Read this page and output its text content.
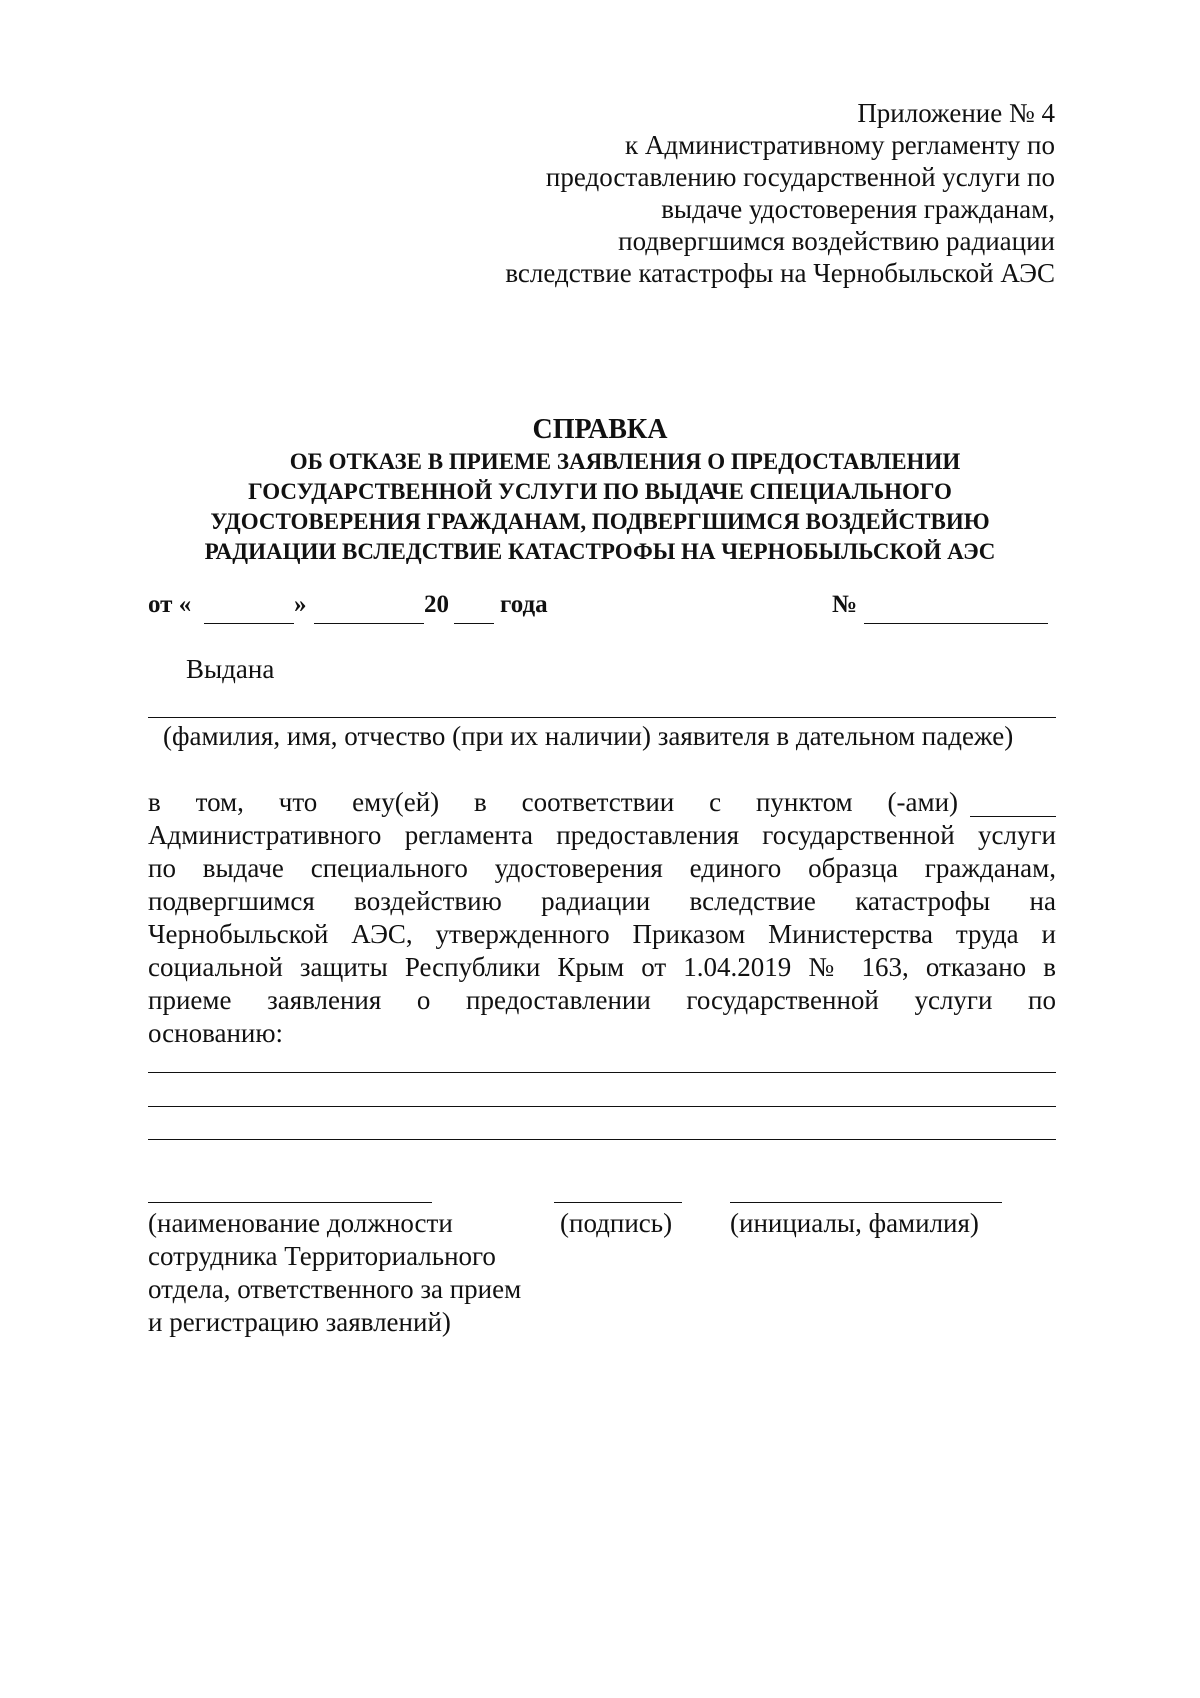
Приложение № 4
к Административному регламенту по
предоставлению государственной услуги по
выдаче удостоверения гражданам,
подвергшимся воздействию радиации
вследствие катастрофы на Чернобыльской АЭС
СПРАВКА
ОБ ОТКАЗЕ В ПРИЕМЕ ЗАЯВЛЕНИЯ О ПРЕДОСТАВЛЕНИИ
ГОСУДАРСТВЕННОЙ УСЛУГИ ПО ВЫДАЧЕ СПЕЦИАЛЬНОГО
УДОСТОВЕРЕНИЯ ГРАЖДАНАМ, ПОДВЕРГШИМСЯ ВОЗДЕЙСТВИЮ
РАДИАЦИИ ВСЛЕДСТВИЕ КАТАСТРОФЫ НА ЧЕРНОБЫЛЬСКОЙ АЭС
от «	»	20 года	№
Выдана
(фамилия, имя, отчество (при их наличии) заявителя в дательном падеже)
в том, что ему(ей) в соответствии с пунктом (-ами)
Административного регламента предоставления государственной услуги
по выдаче специального удостоверения единого образца гражданам,
подвергшимся воздействию радиации вследствие катастрофы на
Чернобыльской АЭС, утвержденного Приказом Министерства труда и
социальной защиты Республики Крым от 1.04.2019 № 163, отказано в
приеме заявления о предоставлении государственной услуги по
основанию:
(наименование должности
сотрудника Территориального
отдела, ответственного за прием
и регистрацию заявлений)
(подпись) (инициалы, фамилия)
